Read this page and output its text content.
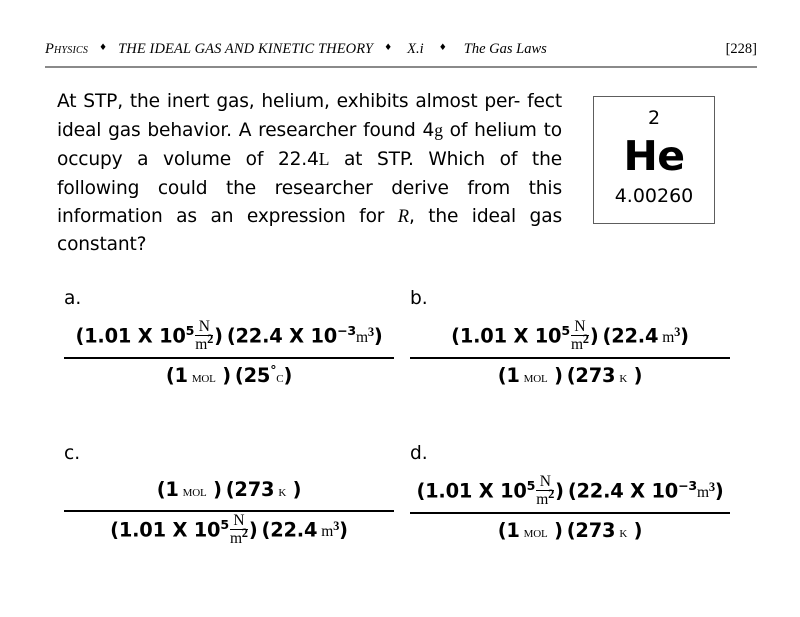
Physics	♦ THE IDEAL GAS AND KINETIC THEORY	♦	X.i	♦	The Gas Laws	[228]
At STP, the inert gas, helium, exhibits almost per- fect ideal gas behavior. A researcher found 4g of helium to occupy a volume of 22.4L at STP. Which of the following could the researcher derive from this information as an expression for R, the ideal gas constant?
2
He
4.00260
a.
(1.01 X $10^5 \frac{N}{m^2}$ ) (22.4 X $10^{-3}m^3$)
(1 mol ) (25°c)
b.
(1.01 X $10^5 \frac{N}{m^2}$ ) (22.4 $m^3$)
(1 mol ) (273 k )
c.
(1 mol ) (273 k )
(1.01 X $10^5 \frac{N}{m^2}$ ) (22.4 $m^3$)
d.
(1.01 X $10^5 \frac{N}{m^2}$ ) (22.4 X $10^{-3}m^3$)
(1 mol ) (273 k )
